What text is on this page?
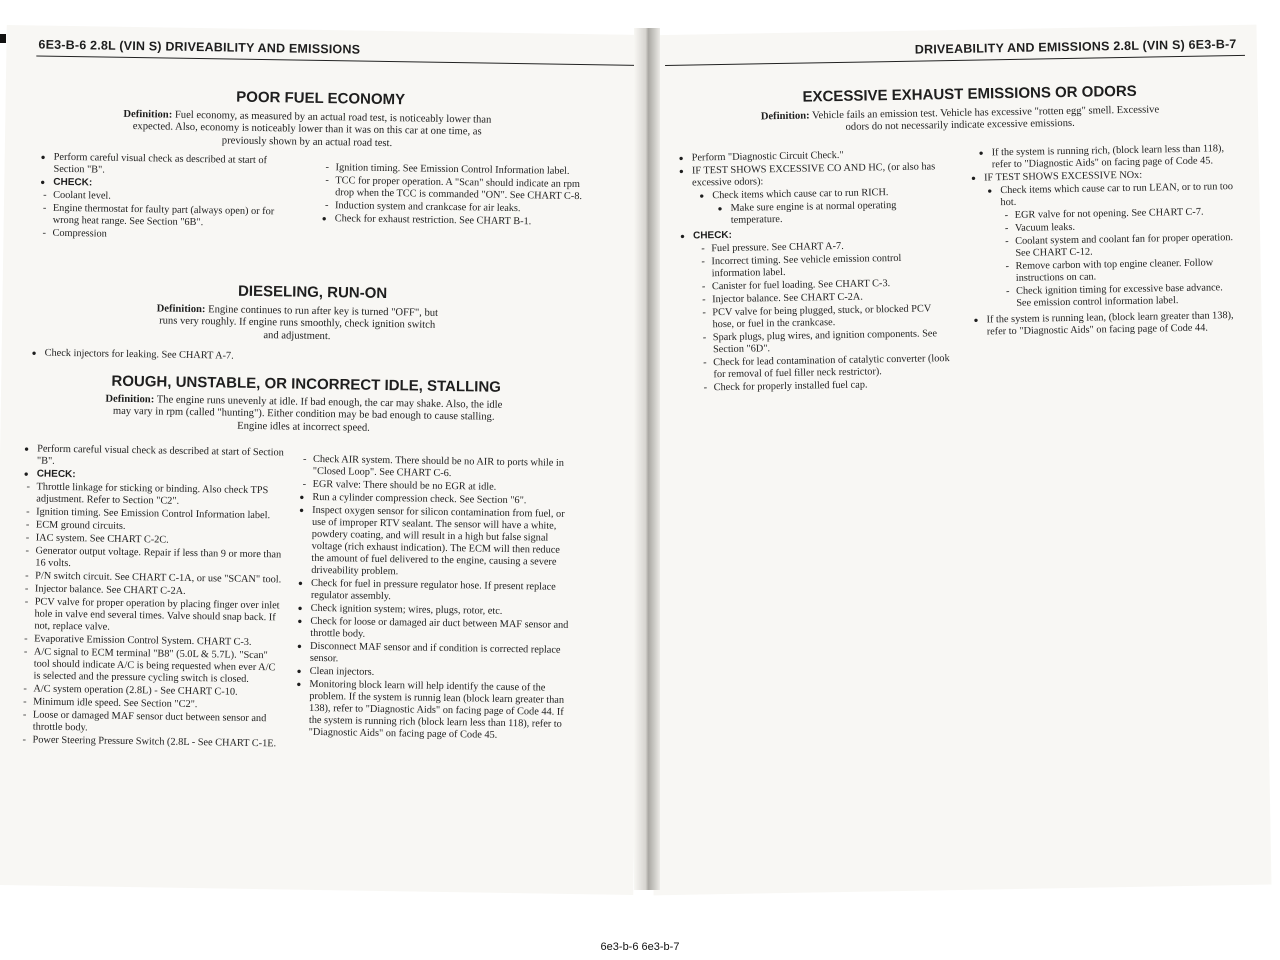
6E3-B-6 2.8L (VIN S) DRIVEABILITY AND EMISSIONS
POOR FUEL ECONOMY
Definition: Fuel economy, as measured by an actual road test, is noticeably lower than expected. Also, economy is noticeably lower than it was on this car at one time, as previously shown by an actual road test.
● Perform careful visual check as described at start of Section "B".
● CHECK:
- Coolant level.
- Engine thermostat for faulty part (always open) or for wrong heat range. See Section "6B".
- Compression
- Ignition timing. See Emission Control Information label.
- TCC for proper operation. A "Scan" should indicate an rpm drop when the TCC is commanded "ON". See CHART C-8.
- Induction system and crankcase for air leaks.
● Check for exhaust restriction. See CHART B-1.
DIESELING, RUN-ON
Definition: Engine continues to run after key is turned "OFF", but runs very roughly. If engine runs smoothly, check ignition switch and adjustment.
● Check injectors for leaking. See CHART A-7.
ROUGH, UNSTABLE, OR INCORRECT IDLE, STALLING
Definition: The engine runs unevenly at idle. If bad enough, the car may shake. Also, the idle may vary in rpm (called "hunting"). Either condition may be bad enough to cause stalling. Engine idles at incorrect speed.
● Perform careful visual check as described at start of Section "B".
● CHECK:
- Throttle linkage for sticking or binding. Also check TPS adjustment. Refer to Section "C2".
- Ignition timing. See Emission Control Information label.
- ECM ground circuits.
- IAC system. See CHART C-2C.
- Generator output voltage. Repair if less than 9 or more than 16 volts.
- P/N switch circuit. See CHART C-1A, or use "SCAN" tool.
- Injector balance. See CHART C-2A.
- PCV valve for proper operation by placing finger over inlet hole in valve end several times. Valve should snap back. If not, replace valve.
- Evaporative Emission Control System. CHART C-3.
- A/C signal to ECM terminal "B8" (5.0L & 5.7L). "Scan" tool should indicate A/C is being requested when ever A/C is selected and the pressure cycling switch is closed.
- A/C system operation (2.8L) - See CHART C-10.
- Minimum idle speed. See Section "C2".
- Loose or damaged MAF sensor duct between sensor and throttle body.
- Power Steering Pressure Switch (2.8L - See CHART C-1E.
- Check AIR system. There should be no AIR to ports while in "Closed Loop". See CHART C-6.
- EGR valve: There should be no EGR at idle.
● Run a cylinder compression check. See Section "6".
● Inspect oxygen sensor for silicon contamination from fuel, or use of improper RTV sealant. The sensor will have a white, powdery coating, and will result in a high but false signal voltage (rich exhaust indication). The ECM will then reduce the amount of fuel delivered to the engine, causing a severe driveability problem.
● Check for fuel in pressure regulator hose. If present replace regulator assembly.
● Check ignition system; wires, plugs, rotor, etc.
● Check for loose or damaged air duct between MAF sensor and throttle body.
● Disconnect MAF sensor and if condition is corrected replace sensor.
● Clean injectors.
● Monitoring block learn will help identify the cause of the problem. If the system is runnig lean (block learn greater than 138), refer to "Diagnostic Aids" on facing page of Code 44. If the system is running rich (block learn less than 118), refer to "Diagnostic Aids" on facing page of Code 45.
DRIVEABILITY AND EMISSIONS 2.8L (VIN S) 6E3-B-7
EXCESSIVE EXHAUST EMISSIONS OR ODORS
Definition: Vehicle fails an emission test. Vehicle has excessive "rotten egg" smell. Excessive odors do not necessarily indicate excessive emissions.
● Perform "Diagnostic Circuit Check."
● IF TEST SHOWS EXCESSIVE CO AND HC, (or also has excessive odors):
● Check items which cause car to run RICH.
● Make sure engine is at normal operating temperature.
● CHECK:
- Fuel pressure. See CHART A-7.
- Incorrect timing. See vehicle emission control information label.
- Canister for fuel loading. See CHART C-3.
- Injector balance. See CHART C-2A.
- PCV valve for being plugged, stuck, or blocked PCV hose, or fuel in the crankcase.
- Spark plugs, plug wires, and ignition components. See Section "6D".
- Check for lead contamination of catalytic converter (look for removal of fuel filler neck restrictor).
- Check for properly installed fuel cap.
● If the system is running rich, (block learn less than 118), refer to "Diagnostic Aids" on facing page of Code 45.
● IF TEST SHOWS EXCESSIVE NOx:
● Check items which cause car to run LEAN, or to run too hot.
- EGR valve for not opening. See CHART C-7.
- Vacuum leaks.
- Coolant system and coolant fan for proper operation. See CHART C-12.
- Remove carbon with top engine cleaner. Follow instructions on can.
- Check ignition timing for excessive base advance. See emission control information label.
● If the system is running lean, (block learn greater than 138), refer to "Diagnostic Aids" on facing page of Code 44.
6e3-b-6 6e3-b-7
